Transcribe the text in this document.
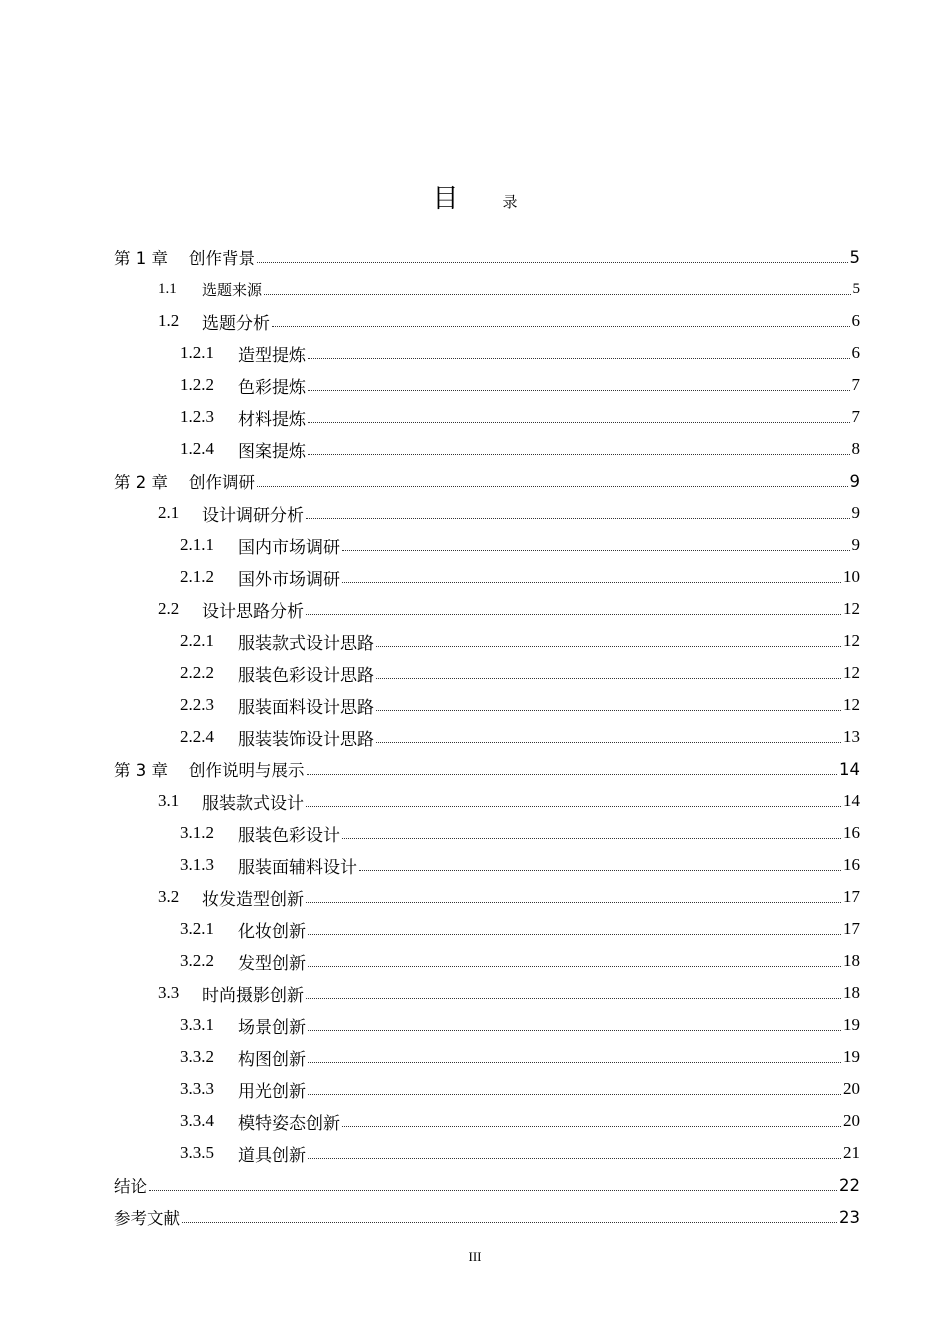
目	录
第 1 章	创作背景	5
1.1	选题来源	5
1.2	选题分析	6
1.2.1	造型提炼	6
1.2.2	色彩提炼	7
1.2.3	材料提炼	7
1.2.4	图案提炼	8
第 2 章	创作调研	9
2.1	设计调研分析	9
2.1.1	国内市场调研	9
2.1.2	国外市场调研	10
2.2	设计思路分析	12
2.2.1	服装款式设计思路	12
2.2.2	服装色彩设计思路	12
2.2.3	服装面料设计思路	12
2.2.4	服装装饰设计思路	13
第 3 章	创作说明与展示	14
3.1	服装款式设计	14
3.1.2	服装色彩设计	16
3.1.3	服装面辅料设计	16
3.2	妆发造型创新	17
3.2.1	化妆创新	17
3.2.2	发型创新	18
3.3	时尚摄影创新	18
3.3.1	场景创新	19
3.3.2	构图创新	19
3.3.3	用光创新	20
3.3.4	模特姿态创新	20
3.3.5	道具创新	21
结论	22
参考文献	23
III
